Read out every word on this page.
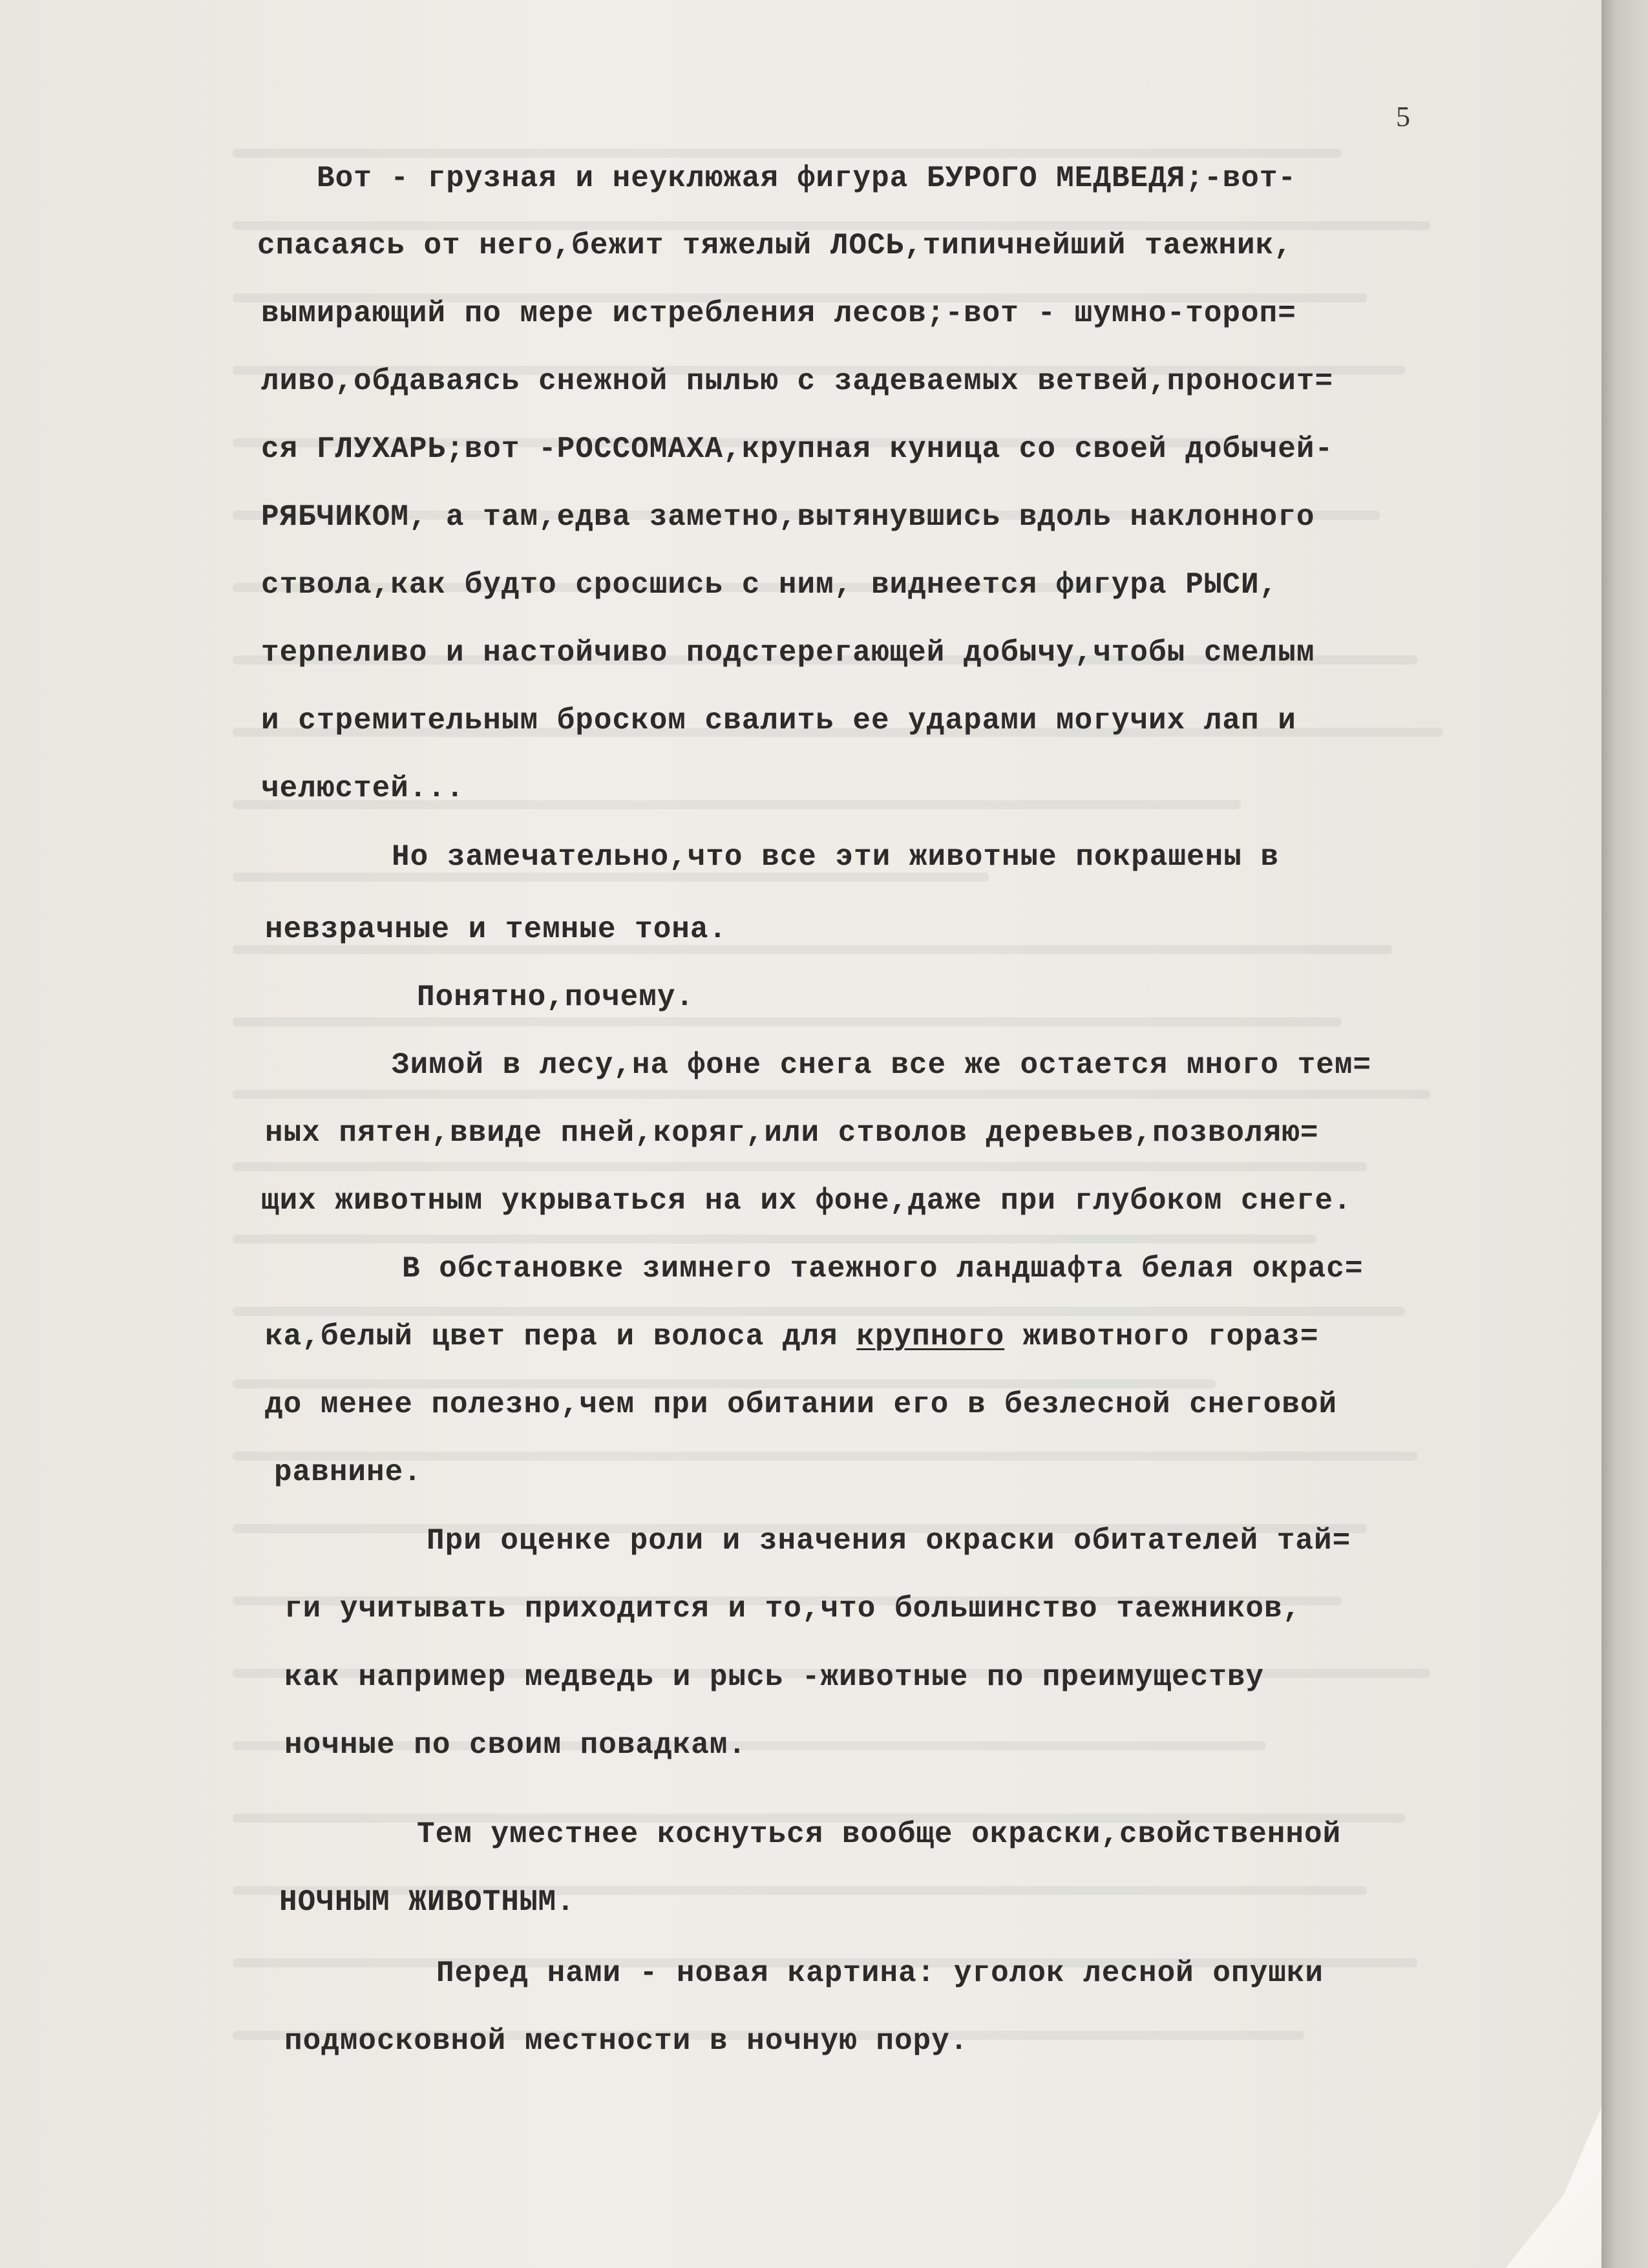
5
Вот - грузная и неуклюжая фигура БУРОГО МЕДВЕДЯ;-вот-
спасаясь от него,бежит тяжелый ЛОСЬ,типичнейший таежник,
вымирающий по мере истребления лесов;-вот - шумно-тороп=
ливо,обдаваясь снежной пылью с задеваемых ветвей,проносит=
ся ГЛУХАРЬ;вот -РОССОМАХА,крупная куница со своей добычей-
РЯБЧИКОМ, а там,едва заметно,вытянувшись вдоль наклонного
ствола,как будто сросшись с ним, виднеется фигура РЫСИ,
терпеливо и настойчиво подстерегающей добычу,чтобы смелым
и стремительным броском свалить ее ударами могучих лап и
челюстей...
Но замечательно,что все эти животные покрашены в
невзрачные и темные тона.
Понятно,почему.
Зимой в лесу,на фоне снега все же остается много тем=
ных пятен,ввиде пней,коряг,или стволов деревьев,позволяю=
щих животным укрываться на их фоне,даже при глубоком снеге.
В обстановке зимнего таежного ландшафта белая окрас=
ка,белый цвет пера и волоса для крупного животного гораз=
до менее полезно,чем при обитании его в безлесной снеговой
равнине.
При оценке роли и значения окраски обитателей тай=
ги учитывать приходится и то,что большинство таежников,
как например медведь и рысь -животные по преимуществу
ночные по своим повадкам.
Тем уместнее коснуться вообще окраски,свойственной
НОЧНЫМ ЖИВОТНЫМ.
Перед нами - новая картина: уголок лесной опушки
подмосковной местности в ночную пору.
